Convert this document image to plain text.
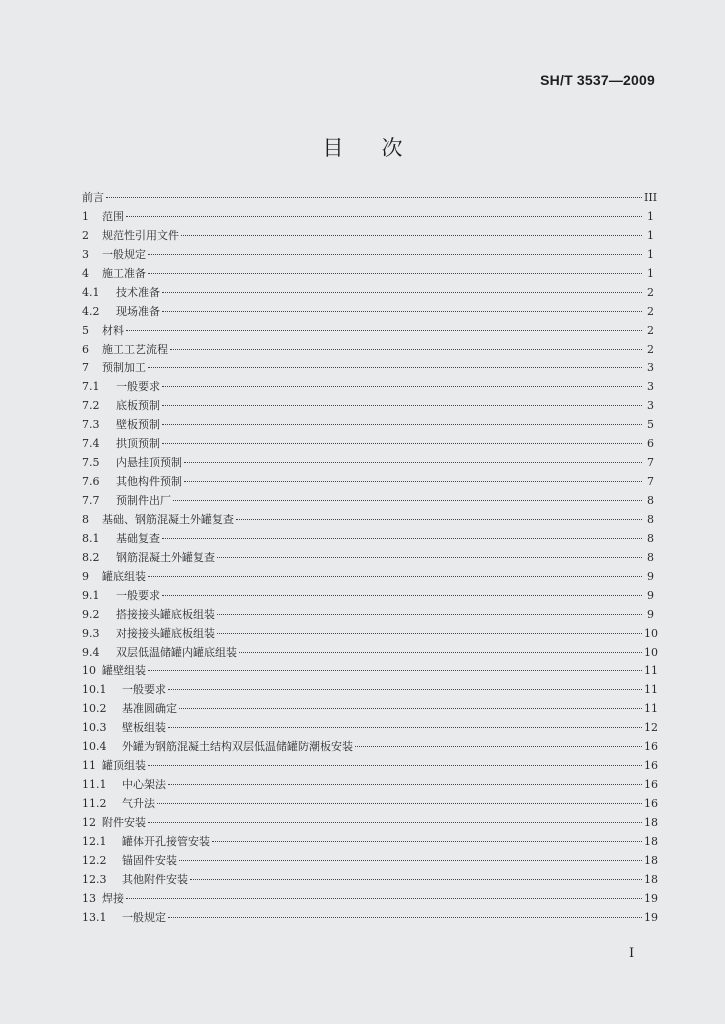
SH/T 3537—2009
目次
前言	III
1	范围	1
2	规范性引用文件	1
3	一般规定	1
4	施工准备	1
4.1	技术准备	2
4.2	现场准备	2
5	材料	2
6	施工工艺流程	2
7	预制加工	3
7.1	一般要求	3
7.2	底板预制	3
7.3	壁板预制	5
7.4	拱顶预制	6
7.5	内悬挂顶预制	7
7.6	其他构件预制	7
7.7	预制件出厂	8
8	基础、钢筋混凝土外罐复查	8
8.1	基础复查	8
8.2	钢筋混凝土外罐复查	8
9	罐底组装	9
9.1	一般要求	9
9.2	搭接接头罐底板组装	9
9.3	对接接头罐底板组装	10
9.4	双层低温储罐内罐底组装	10
10 罐壁组装	11
10.1	一般要求	11
10.2	基准圆确定	11
10.3	壁板组装	12
10.4	外罐为钢筋混凝土结构双层低温储罐防潮板安装	16
11 罐顶组装	16
11.1	中心架法	16
11.2	气升法	16
12 附件安装	18
12.1	罐体开孔接管安装	18
12.2	锚固件安装	18
12.3	其他附件安装	18
13 焊接	19
13.1	一般规定	19
I
